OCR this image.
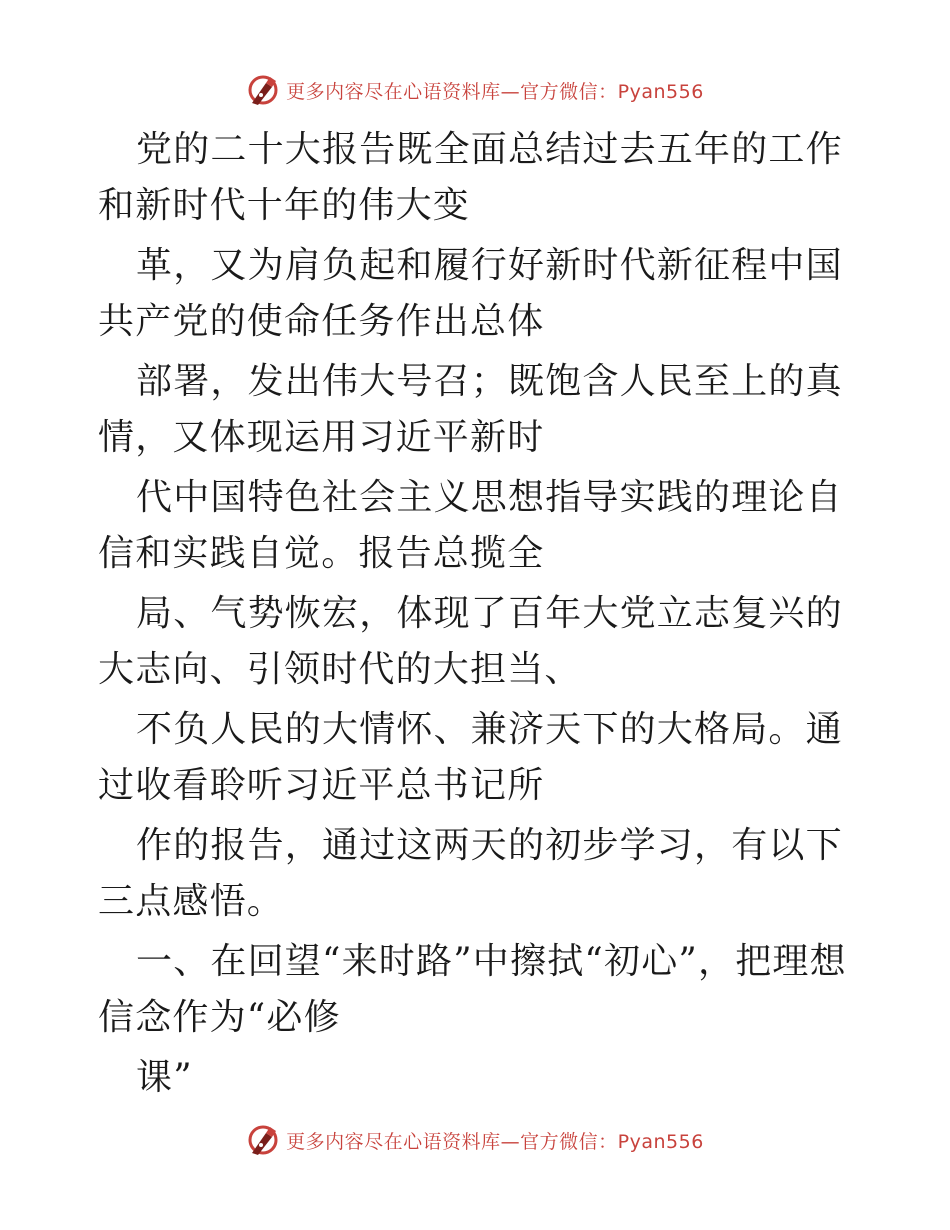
更多内容尽在心语资料库—官方微信：Pyan556

党的二十大报告既全面总结过去五年的工作和新时代十年的伟大变

革，又为肩负起和履行好新时代新征程中国共产党的使命任务作出总体

部署，发出伟大号召；既饱含人民至上的真情，又体现运用习近平新时

代中国特色社会主义思想指导实践的理论自信和实践自觉。报告总揽全

局、气势恢宏，体现了百年大党立志复兴的大志向、引领时代的大担当、

不负人民的大情怀、兼济天下的大格局。通过收看聆听习近平总书记所

作的报告，通过这两天的初步学习，有以下三点感悟。

一、在回望“来时路”中擦拭“初心”，把理想信念作为“必修

课”

更多内容尽在心语资料库—官方微信：Pyan556
